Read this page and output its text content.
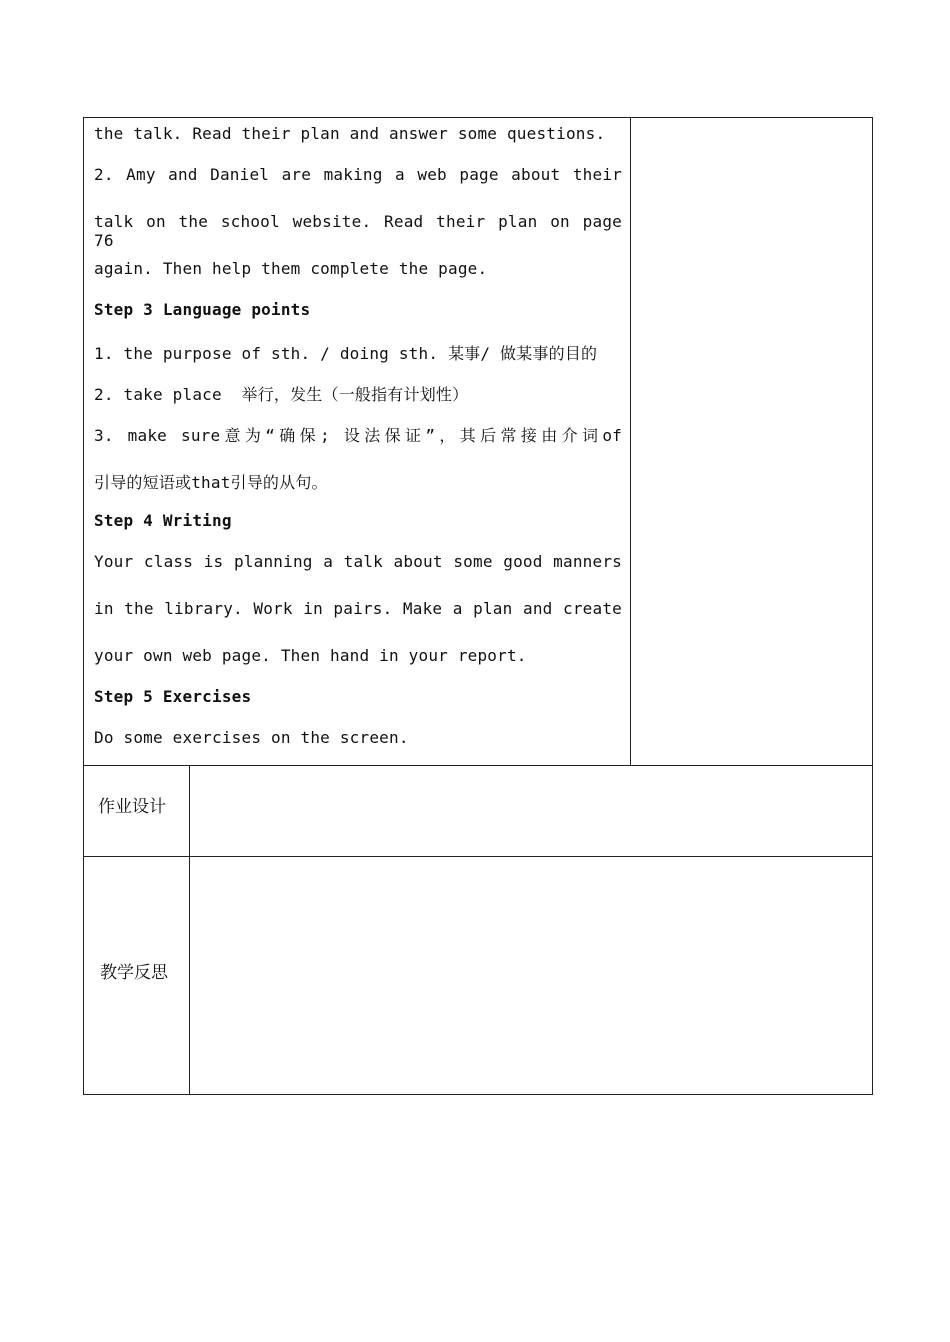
the talk. Read their plan and answer some questions.
2. Amy and Daniel are making a web page about their
talk on the school website. Read their plan on page 76
again. Then help them complete the page.
Step 3 Language points
1. the purpose of sth. / doing sth. 某事/ 做某事的目的
2. take place  举行，发生（一般指有计划性）
3. make sure意为“确保; 设法保证”，其后常接由介词of
引导的短语或that引导的从句。
Step 4 Writing
Your class is planning a talk about some good manners
in the library. Work in pairs. Make a plan and create
your own web page. Then hand in your report.
Step 5 Exercises
Do some exercises on the screen.
作业设计
教学反思
